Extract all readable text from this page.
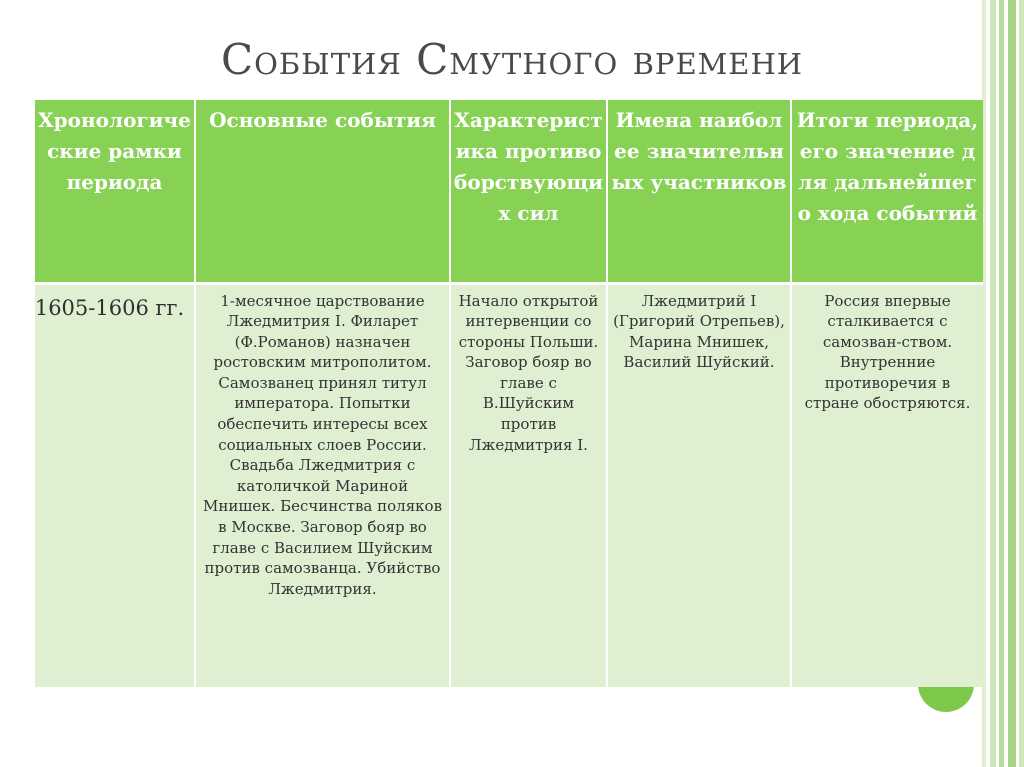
События Смутного времени
Хронологические рамки периода	Основные события	Характеристика противоборствующих сил	Имена наиболее значительных участников	Итоги периода, его значение для дальнейшего хода событий
1605-1606 гг.	1-месячное царствование Лжедмитрия I. Филарет (Ф.Романов) назначен ростовским митрополитом. Самозванец принял титул императора. Попытки обеспечить интересы всех социальных слоев России. Свадьба Лжедмитрия с католичкой Мариной Мнишек. Бесчинства поляков в Москве. Заговор бояр во главе с Василием Шуйским против самозванца. Убийство Лжедмитрия.	Начало открытой интервенции со стороны Польши. Заговор бояр во главе с В.Шуйским против Лжедмитрия I.	Лжедмитрий I (Григорий Отрепьев), Марина Мнишек, Василий Шуйский.	Россия впервые сталкивается с самозван-ством. Внутренние противоречия в стране обостряются.
